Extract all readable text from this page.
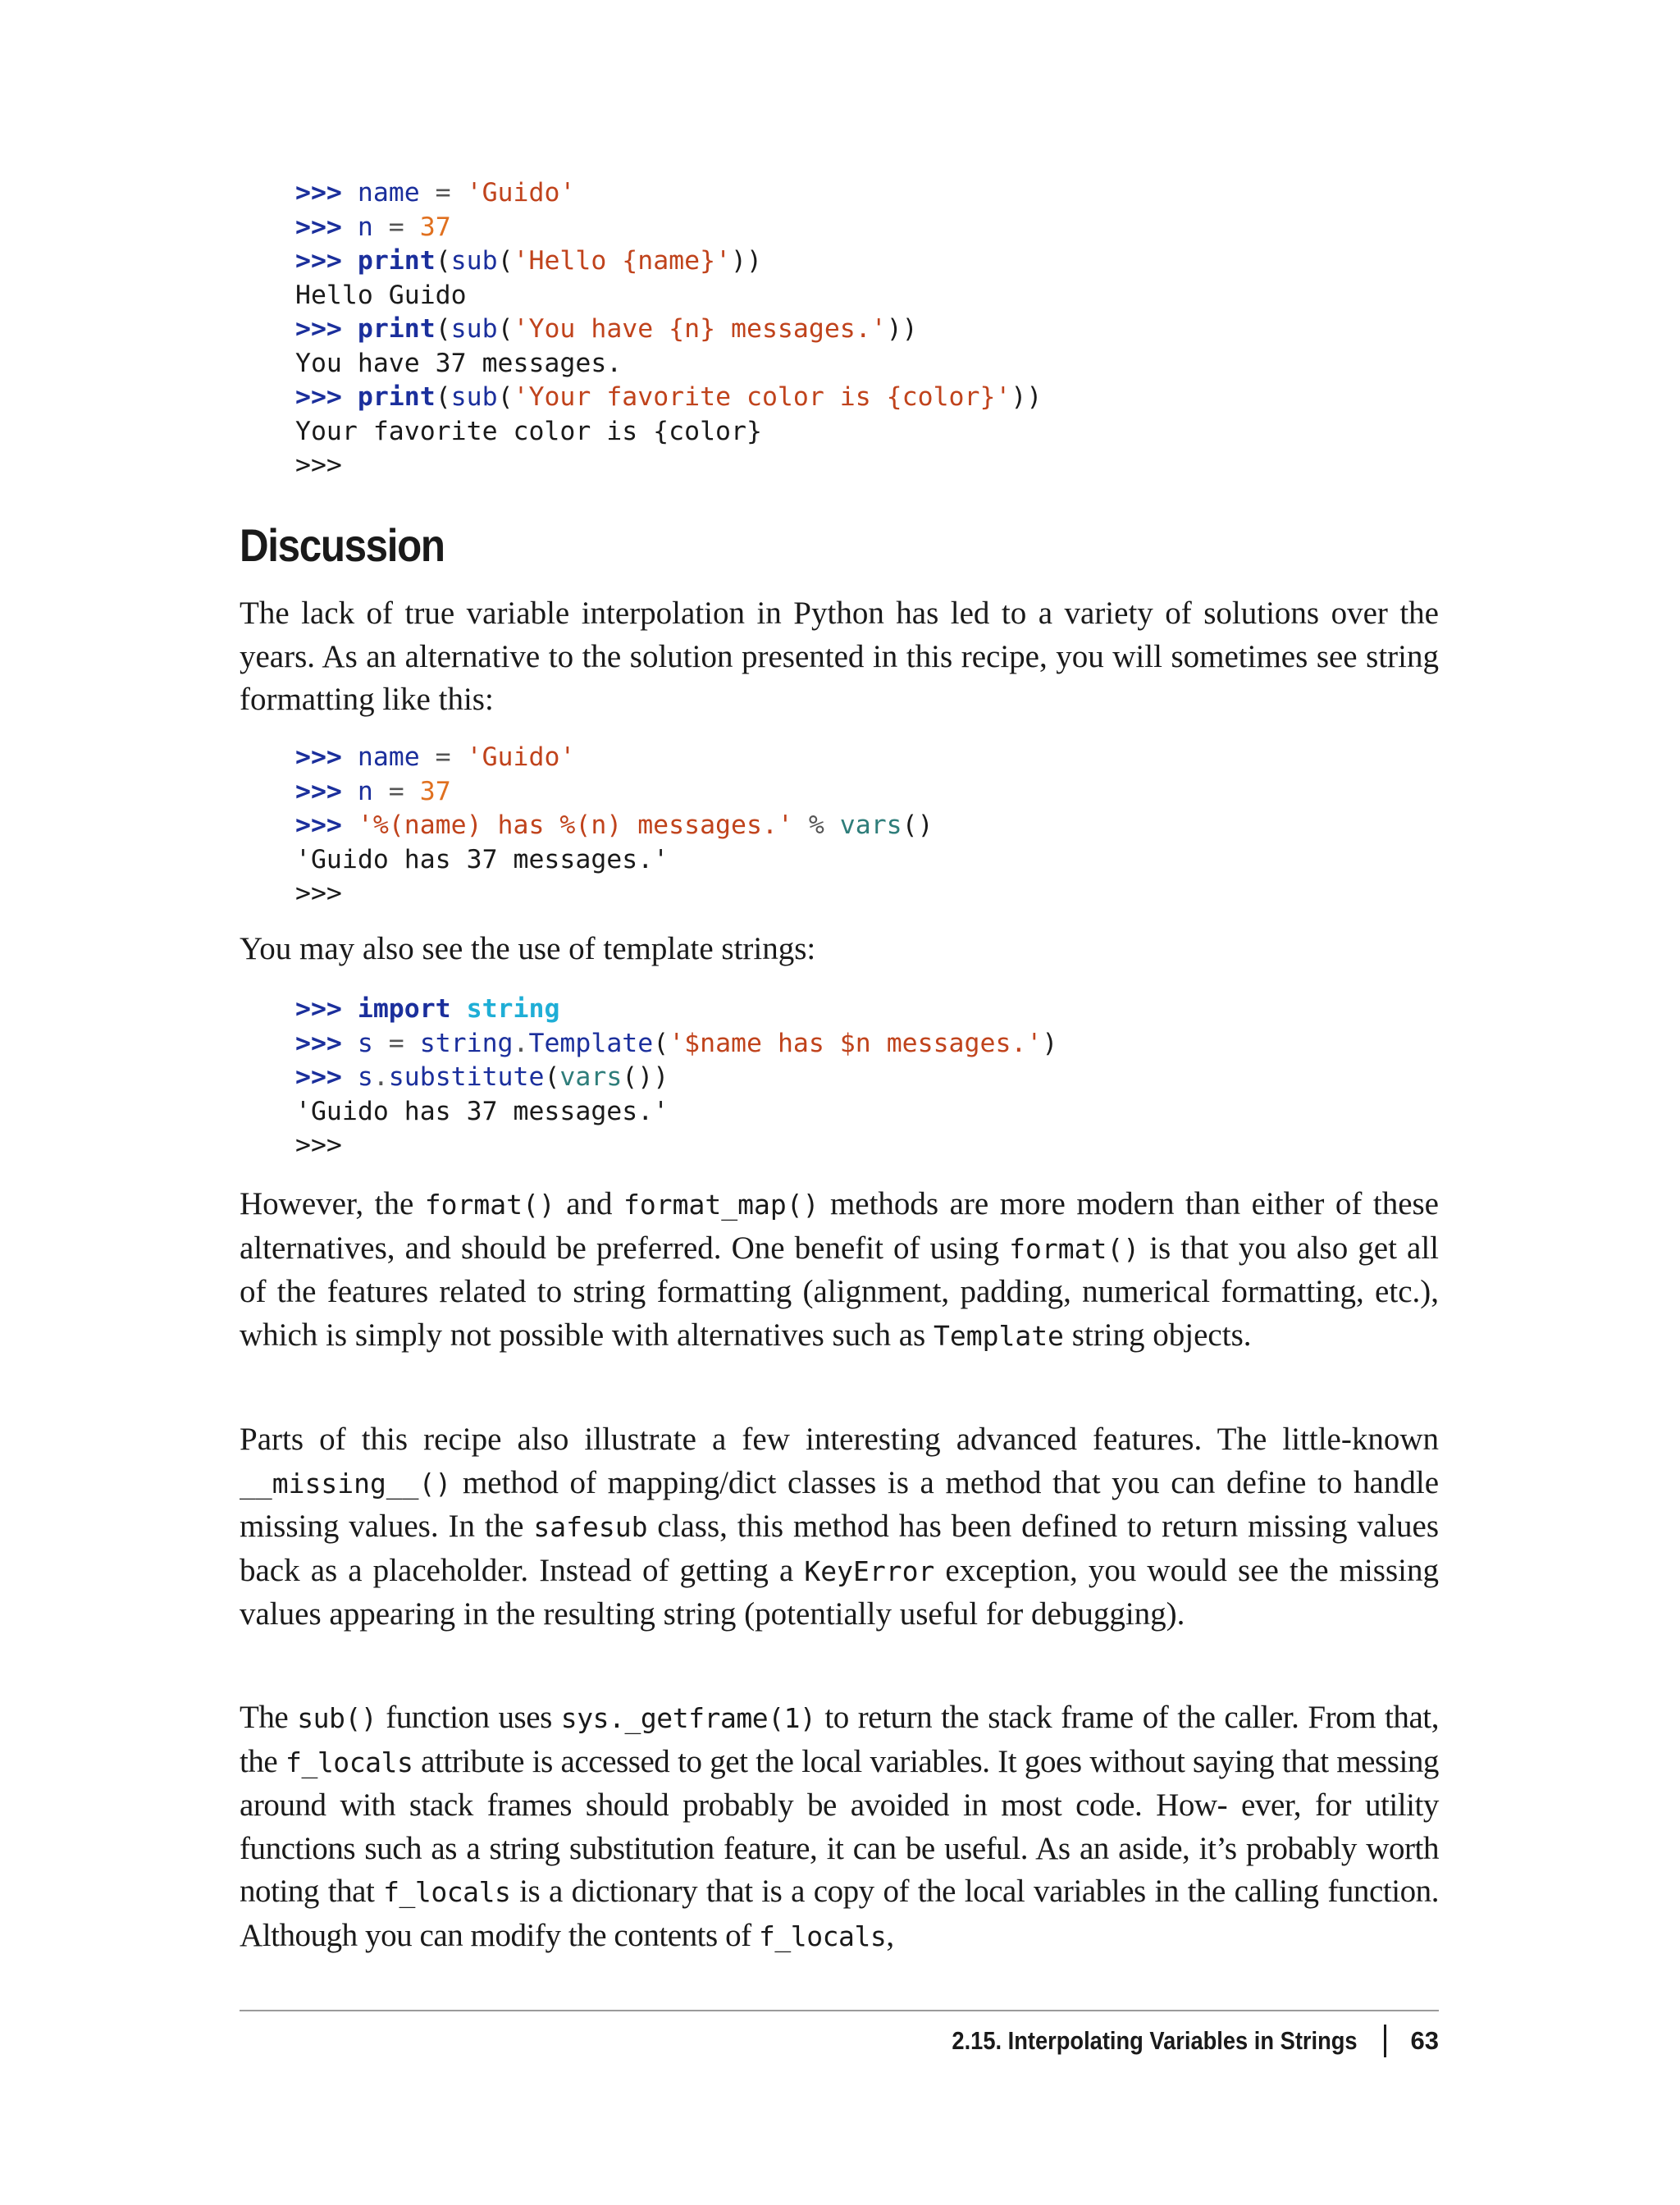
>>> name = 'Guido'
>>> n = 37
>>> print(sub('Hello {name}'))
Hello Guido
>>> print(sub('You have {n} messages.'))
You have 37 messages.
>>> print(sub('Your favorite color is {color}'))
Your favorite color is {color}
>>>
Discussion

The lack of true variable interpolation in Python has led to a variety of solutions over the years. As an alternative to the solution presented in this recipe, you will sometimes see string formatting like this:

>>> name = 'Guido'
>>> n = 37
>>> '%(name) has %(n) messages.' % vars()
'Guido has 37 messages.'
>>>

You may also see the use of template strings:

>>> import string
>>> s = string.Template('$name has $n messages.')
>>> s.substitute(vars())
'Guido has 37 messages.'
>>>

However, the format() and format_map() methods are more modern than either of these alternatives, and should be preferred. One benefit of using format() is that you also get all of the features related to string formatting (alignment, padding, numerical formatting, etc.), which is simply not possible with alternatives such as Template string objects.

Parts of this recipe also illustrate a few interesting advanced features. The little-known __missing__() method of mapping/dict classes is a method that you can define to handle missing values. In the safesub class, this method has been defined to return missing values back as a placeholder. Instead of getting a KeyError exception, you would see the missing values appearing in the resulting string (potentially useful for debugging).

The sub() function uses sys._getframe(1) to return the stack frame of the caller. From that, the f_locals attribute is accessed to get the local variables. It goes without saying that messing around with stack frames should probably be avoided in most code. How‐ ever, for utility functions such as a string substitution feature, it can be useful. As an aside, it’s probably worth noting that f_locals is a dictionary that is a copy of the local variables in the calling function. Although you can modify the contents of f_locals,

2.15. Interpolating Variables in Strings 63
